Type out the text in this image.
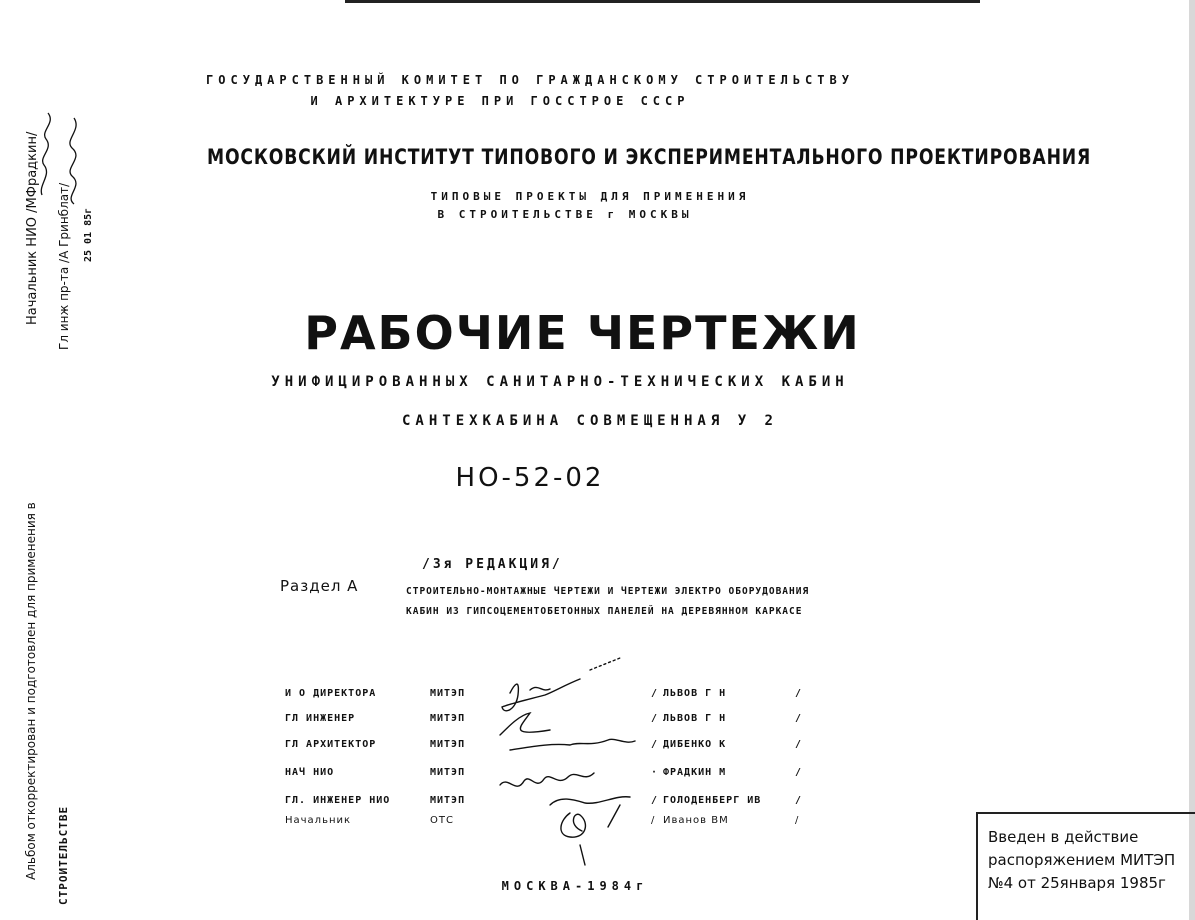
ГОСУДАРСТВЕННЫЙ КОМИТЕТ ПО ГРАЖДАНСКОМУ СТРОИТЕЛЬСТВУ
И АРХИТЕКТУРЕ ПРИ ГОССТРОЕ СССР
МОСКОВСКИЙ ИНСТИТУТ ТИПОВОГО И ЭКСПЕРИМЕНТАЛЬНОГО ПРОЕКТИРОВАНИЯ
ТИПОВЫЕ ПРОЕКТЫ ДЛЯ ПРИМЕНЕНИЯ
В СТРОИТЕЛЬСТВЕ г МОСКВЫ
РАБОЧИЕ ЧЕРТЕЖИ
УНИФИЦИРОВАННЫХ САНИТАРНО-ТЕХНИЧЕСКИХ КАБИН
САНТЕХКАБИНА СОВМЕЩЕННАЯ У 2
НО-52-02
/3я РЕДАКЦИЯ/
Раздел А	СТРОИТЕЛЬНО-МОНТАЖНЫЕ ЧЕРТЕЖИ И ЧЕРТЕЖИ ЭЛЕКТРО ОБОРУДОВАНИЯ КАБИН ИЗ ГИПСОЦЕМЕНТОБЕТОННЫХ ПАНЕЛЕЙ НА ДЕРЕВЯННОМ КАРКАСЕ
И О ДИРЕКТОРА	МИТЭП	/ ЛЬВОВ Г Н	/
ГЛ ИНЖЕНЕР	МИТЭП	/ ЛЬВОВ Г Н	/
ГЛ АРХИТЕКТОР	МИТЭП	/ ДИБЕНКО К	/
НАЧ НИО	МИТЭП	· ФРАДКИН М	/
ГЛ. ИНЖЕНЕР НИО	МИТЭП	/ ГОЛОДЕНБЕРГ ИВ	/
Начальник	ОТС	/ Иванов ВМ	/
МОСКВА-1984г
Альбом откорректирован и подготовлен для применения в СТРОИТЕЛЬСТВЕ
Начальник НИО /МФрадкин/ Гл инж пр-та /А Гринблат/ 25 01 85г
Введен в действие
распоряжением МИТЭП
№4 от 25января 1985г
